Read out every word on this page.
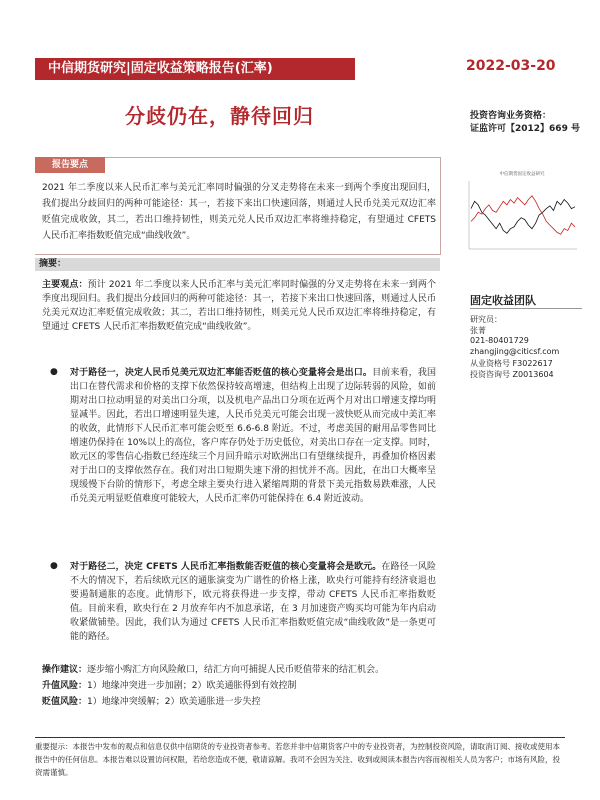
中信期货研究|固定收益策略报告(汇率)	2022-03-20
分歧仍在，静待回归	投资咨询业务资格：
证监许可【2012】669 号
报告要点
2021 年二季度以来人民币汇率与美元汇率同时偏强的分叉走势将在未来一到两个季度出现回归，我们提出分歧回归的两种可能途径：其一，若接下来出口快速回落，则通过人民币兑美元双边汇率贬值完成收敛，其二，若出口维持韧性，则美元兑人民币双边汇率将维持稳定，有望通过 CFETS 人民币汇率指数贬值完成“曲线收敛”。
摘要：
主要观点：预计 2021 年二季度以来人民币汇率与美元汇率同时偏强的分叉走势将在未来一到两个季度出现回归。我们提出分歧回归的两种可能途径：其一，若接下来出口快速回落，则通过人民币兑美元双边汇率贬值完成收敛；其二，若出口维持韧性，则美元兑人民币双边汇率将维持稳定，有望通过 CFETS 人民币汇率指数贬值完成“曲线收敛”。
● 对于路径一，决定人民币兑美元双边汇率能否贬值的核心变量将会是出口。目前来看，我国出口在替代需求和价格的支撑下依然保持较高增速，但结构上出现了边际转弱的风险，如前期对出口拉动明显的对美出口分项，以及机电产品出口分项在近两个月对出口增速支撑均明显减半。因此，若出口增速明显失速，人民币兑美元可能会出现一波快贬从而完成中美汇率的收敛，此情形下人民币汇率可能会贬至 6.6-6.8 附近。不过，考虑美国的耐用品零售同比增速仍保持在 10%以上的高位，客户库存仍处于历史低位，对美出口存在一定支撑。同时，欧元区的零售信心指数已经连续三个月回升暗示对欧洲出口有望继续提升，再叠加价格因素对于出口的支撑依然存在。我们对出口短期失速下滑的担忧并不高。因此，在出口大概率呈现缓慢下台阶的情形下，考虑全球主要央行进入紧缩周期的背景下美元指数易跌难涨，人民币兑美元明显贬值难度可能较大，人民币汇率仍可能保持在 6.4 附近波动。
● 对于路径二，决定 CFETS 人民币汇率指数能否贬值的核心变量将会是欧元。在路径一风险不大的情况下，若后续欧元区的通胀演变为广谱性的价格上涨，欧央行可能持有经济衰退也要遏制通胀的态度。此情形下，欧元将获得进一步支撑，带动 CFETS 人民币汇率指数贬值。目前来看，欧央行在 2 月放弃年内不加息承诺，在 3 月加速资产购买均可能为年内启动收紧做铺垫。因此，我们认为通过 CFETS 人民币汇率指数贬值完成“曲线收敛”是一条更可能的路径。
操作建议：逐步缩小购汇方向风险敞口，结汇方向可捕捉人民币贬值带来的结汇机会。
升值风险：1）地缘冲突进一步加剧；2）欧美通胀得到有效控制
贬值风险：1）地缘冲突缓解；2）欧美通胀进一步失控
中信期货固定收益研究
固定收益团队
研究员：
张菁
021-80401729
zhangjing@citicsf.com
从业资格号 F3022617
投资咨询号 Z0013604
重要提示：本报告中发布的观点和信息仅供中信期货的专业投资者参考。若您并非中信期货客户中的专业投资者，为控制投资风险，请取消订阅、接收或使用本报告中的任何信息。本报告难以设置访问权限，若给您造成不便，敬请谅解。我司不会因为关注、收到或阅读本报告内容而视相关人员为客户；市场有风险，投资需谨慎。
